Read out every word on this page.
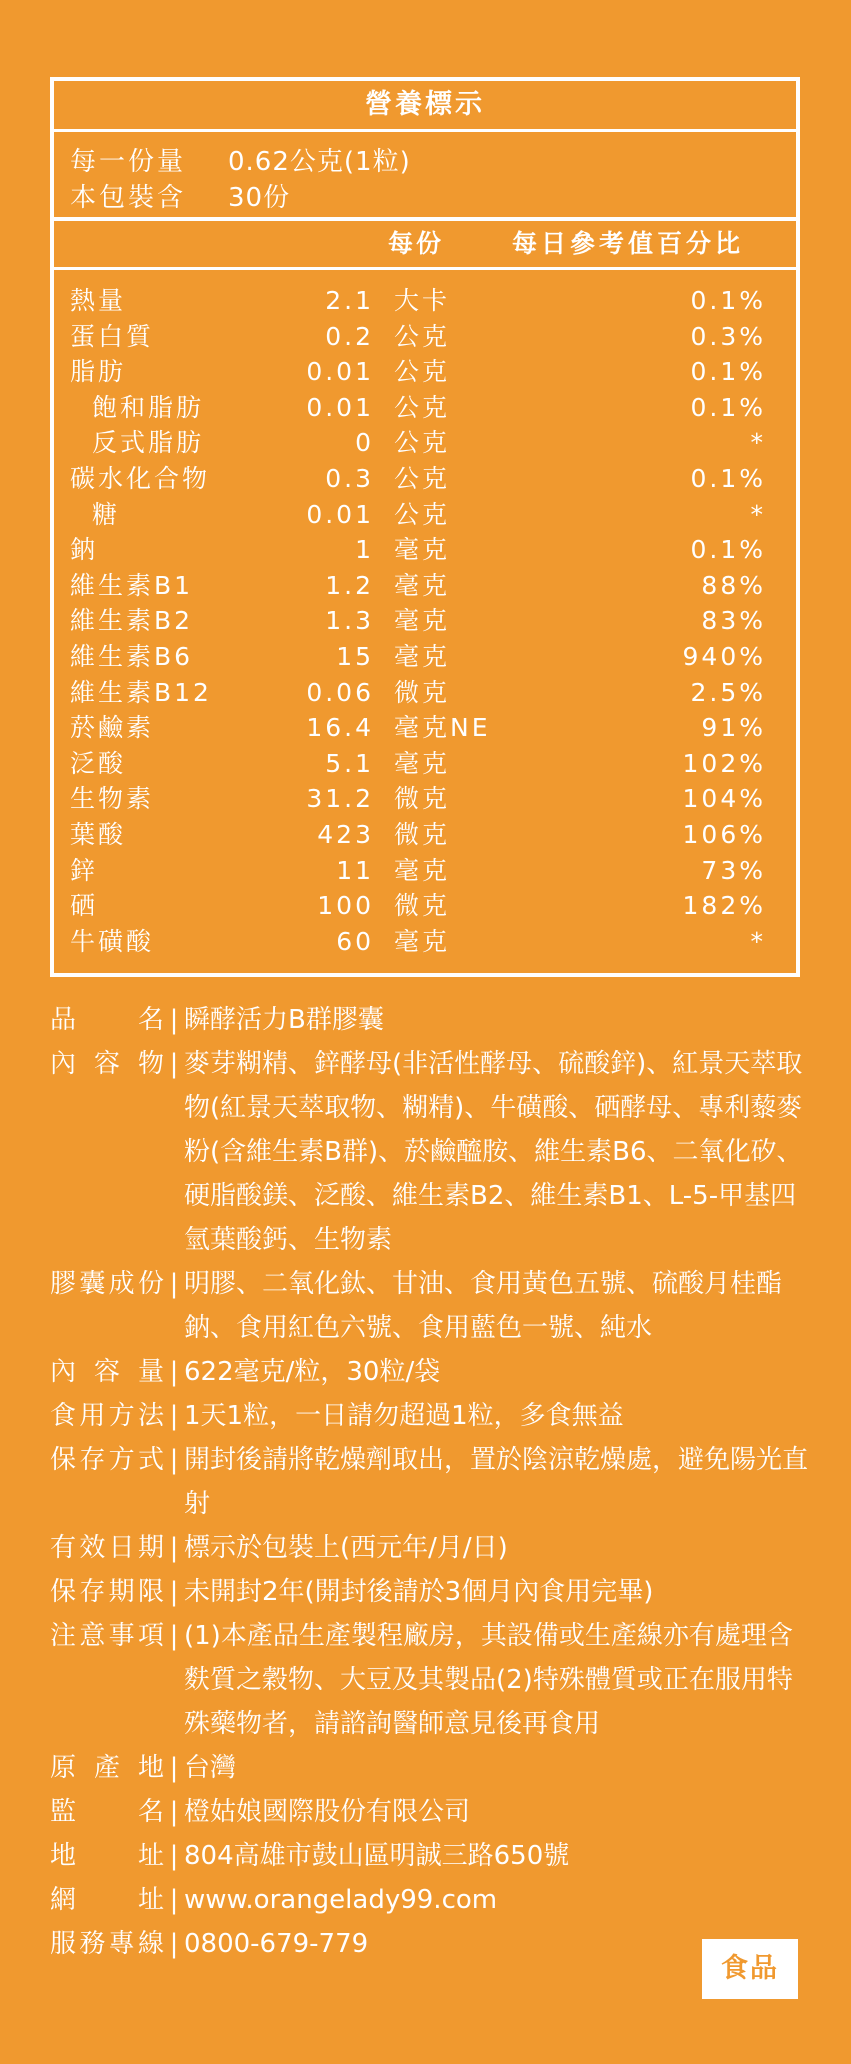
營養標示
每一份量 0.62公克(1粒)
本包裝含 30份
每份	每日參考值百分比
熱量	2.1 大卡	0.1%
蛋白質	0.2 公克	0.3%
脂肪	0.01 公克	0.1%
飽和脂肪	0.01 公克	0.1%
反式脂肪	0 公克	*
碳水化合物	0.3 公克	0.1%
糖	0.01 公克	*
鈉	1 毫克	0.1%
維生素B1	1.2 毫克	88%
維生素B2	1.3 毫克	83%
維生素B6	15 毫克	940%
維生素B12	0.06 微克	2.5%
菸鹼素	16.4 毫克NE	91%
泛酸	5.1 毫克	102%
生物素	31.2 微克	104%
葉酸	423 微克	106%
鋅	11 毫克	73%
硒	100 微克	182%
牛磺酸	60 毫克	*
品名 | 瞬酵活力B群膠囊
內容物 | 麥芽糊精、鋅酵母(非活性酵母、硫酸鋅)、紅景天萃取物(紅景天萃取物、糊精)、牛磺酸、硒酵母、專利藜麥粉(含維生素B群)、菸鹼醯胺、維生素B6、二氧化矽、硬脂酸鎂、泛酸、維生素B2、維生素B1、L-5-甲基四氫葉酸鈣、生物素
膠囊成份 | 明膠、二氧化鈦、甘油、食用黃色五號、硫酸月桂酯鈉、食用紅色六號、食用藍色一號、純水
內容量 | 622毫克/粒，30粒/袋
食用方法 | 1天1粒，一日請勿超過1粒，多食無益
保存方式 | 開封後請將乾燥劑取出，置於陰涼乾燥處，避免陽光直射
有效日期 | 標示於包裝上(西元年/月/日)
保存期限 | 未開封2年(開封後請於3個月內食用完畢)
注意事項 | (1)本產品生產製程廠房，其設備或生產線亦有處理含麩質之穀物、大豆及其製品(2)特殊體質或正在服用特殊藥物者，請諮詢醫師意見後再食用
原產地 | 台灣
監名 | 橙姑娘國際股份有限公司
地址 | 804高雄市鼓山區明誠三路650號
網址 | www.orangelady99.com
服務專線 | 0800-679-779
食品
